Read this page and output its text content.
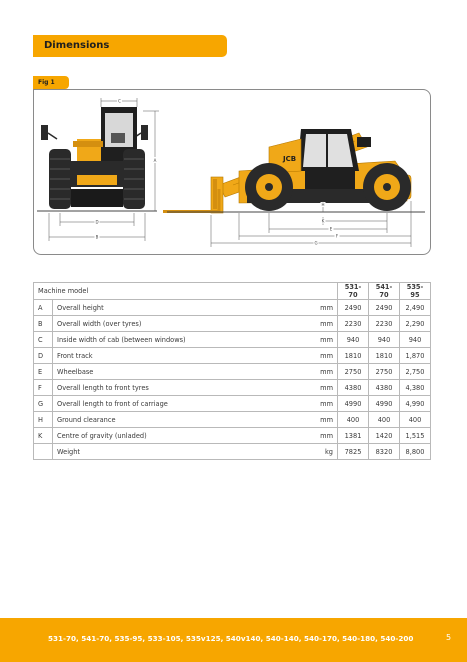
Dimensions
Fig 1
C
A
D
B
JCB
H
K
E
F
G
Machine model			531-70	541-70	535-95
A	Overall height	mm	2490	2490	2,490
B	Overall width (over tyres)	mm	2230	2230	2,290
C	Inside width of cab (between windows)	mm	940	940	940
D	Front track	mm	1810	1810	1,870
E	Wheelbase	mm	2750	2750	2,750
F	Overall length to front tyres	mm	4380	4380	4,380
G	Overall length to front of carriage	mm	4990	4990	4,990
H	Ground clearance	mm	400	400	400
K	Centre of gravity (unladed)	mm	1381	1420	1,515
	Weight	kg	7825	8320	8,800
531-70, 541-70, 535-95, 533-105, 535v125, 540v140, 540-140, 540-170, 540-180, 540-200	5
